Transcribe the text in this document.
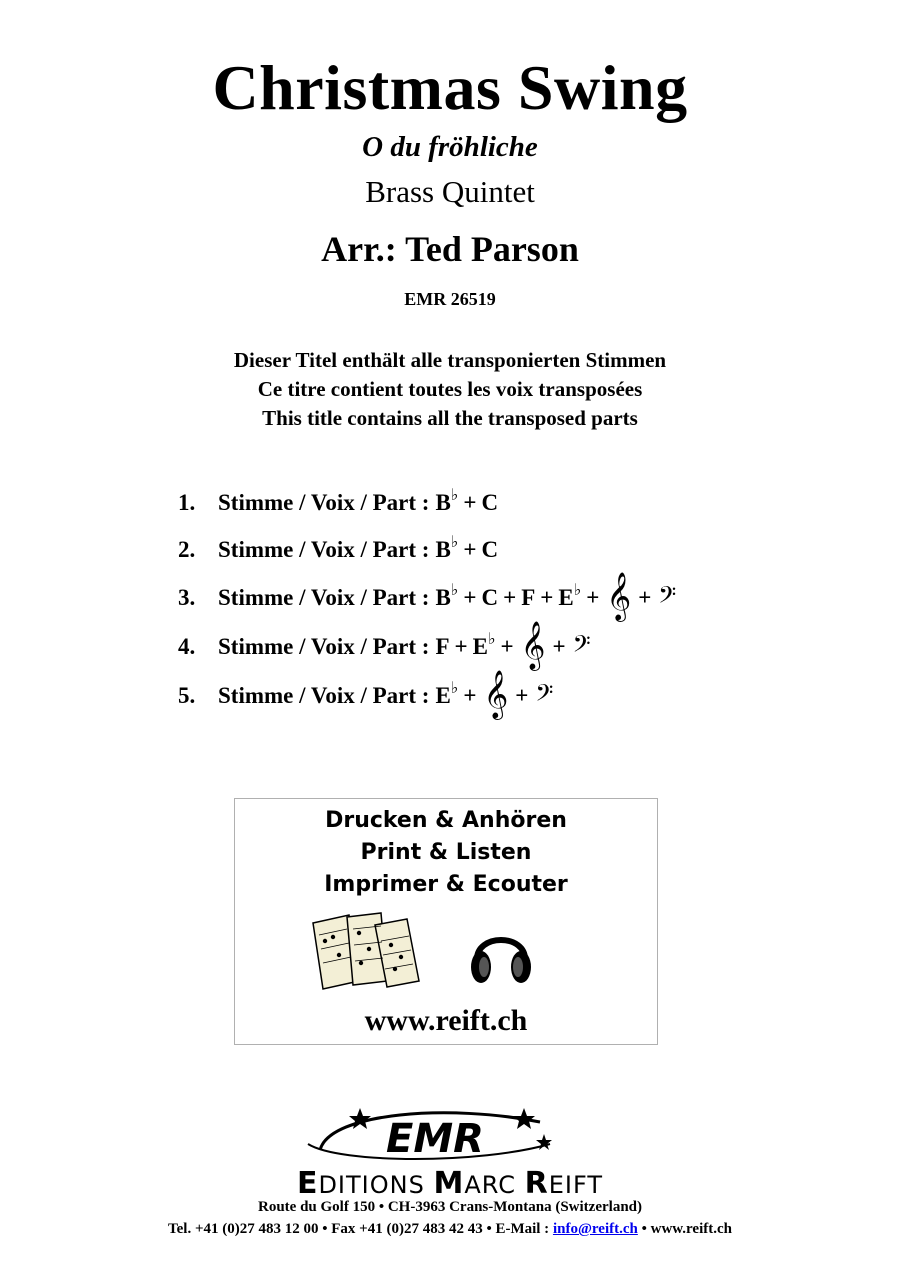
Christmas Swing
O du fröhliche
Brass Quintet
Arr.: Ted Parson
EMR 26519
Dieser Titel enthält alle transponierten Stimmen
Ce titre contient toutes les voix transposées
This title contains all the transposed parts
1. Stimme / Voix / Part : B♭ + C
2. Stimme / Voix / Part : B♭ + C
3. Stimme / Voix / Part : B♭ + C + F + E♭ + 𝄞 + 𝄢
4. Stimme / Voix / Part : F + E♭ + 𝄞 + 𝄢
5. Stimme / Voix / Part : E♭ + 𝄞 + 𝄢
Drucken & Anhören
Print & Listen
Imprimer & Ecouter
www.reift.ch
EMR
EDITIONS MARC REIFT
Route du Golf 150 • CH-3963 Crans-Montana (Switzerland)
Tel. +41 (0)27 483 12 00 • Fax +41 (0)27 483 42 43 • E-Mail : info@reift.ch • www.reift.ch
